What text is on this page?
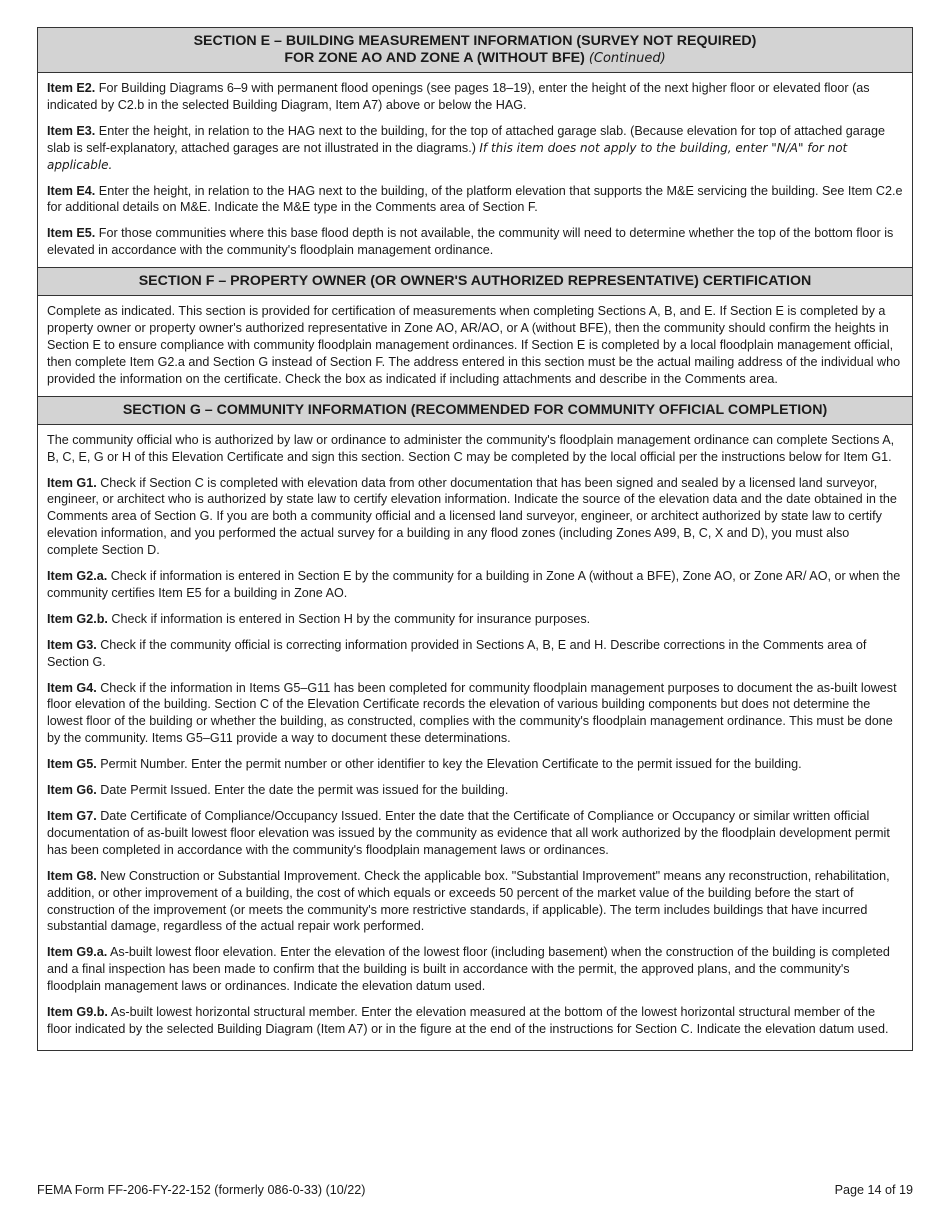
SECTION E – BUILDING MEASUREMENT INFORMATION (SURVEY NOT REQUIRED)
FOR ZONE AO AND ZONE A (WITHOUT BFE) (Continued)

Item E2. For Building Diagrams 6–9 with permanent flood openings (see pages 18–19), enter the height of the next higher floor or elevated floor (as indicated by C2.b in the selected Building Diagram, Item A7) above or below the HAG.

Item E3. Enter the height, in relation to the HAG next to the building, for the top of attached garage slab. (Because elevation for top of attached garage slab is self-explanatory, attached garages are not illustrated in the diagrams.) If this item does not apply to the building, enter "N/A" for not applicable.

Item E4. Enter the height, in relation to the HAG next to the building, of the platform elevation that supports the M&E servicing the building. See Item C2.e for additional details on M&E. Indicate the M&E type in the Comments area of Section F.

Item E5. For those communities where this base flood depth is not available, the community will need to determine whether the top of the bottom floor is elevated in accordance with the community's floodplain management ordinance.

SECTION F – PROPERTY OWNER (OR OWNER'S AUTHORIZED REPRESENTATIVE) CERTIFICATION

Complete as indicated. This section is provided for certification of measurements when completing Sections A, B, and E. If Section E is completed by a property owner or property owner's authorized representative in Zone AO, AR/AO, or A (without BFE), then the community should confirm the heights in Section E to ensure compliance with community floodplain management ordinances. If Section E is completed by a local floodplain management official, then complete Item G2.a and Section G instead of Section F. The address entered in this section must be the actual mailing address of the individual who provided the information on the certificate. Check the box as indicated if including attachments and describe in the Comments area.

SECTION G – COMMUNITY INFORMATION (RECOMMENDED FOR COMMUNITY OFFICIAL COMPLETION)

The community official who is authorized by law or ordinance to administer the community's floodplain management ordinance can complete Sections A, B, C, E, G or H of this Elevation Certificate and sign this section. Section C may be completed by the local official per the instructions below for Item G1.

Item G1. Check if Section C is completed with elevation data from other documentation that has been signed and sealed by a licensed land surveyor, engineer, or architect who is authorized by state law to certify elevation information. Indicate the source of the elevation data and the date obtained in the Comments area of Section G. If you are both a community official and a licensed land surveyor, engineer, or architect authorized by state law to certify elevation information, and you performed the actual survey for a building in any flood zones (including Zones A99, B, C, X and D), you must also complete Section D.

Item G2.a. Check if information is entered in Section E by the community for a building in Zone A (without a BFE), Zone AO, or Zone AR/ AO, or when the community certifies Item E5 for a building in Zone AO.

Item G2.b. Check if information is entered in Section H by the community for insurance purposes.

Item G3. Check if the community official is correcting information provided in Sections A, B, E and H. Describe corrections in the Comments area of Section G.

Item G4. Check if the information in Items G5–G11 has been completed for community floodplain management purposes to document the as-built lowest floor elevation of the building. Section C of the Elevation Certificate records the elevation of various building components but does not determine the lowest floor of the building or whether the building, as constructed, complies with the community's floodplain management ordinance. This must be done by the community. Items G5–G11 provide a way to document these determinations.

Item G5. Permit Number. Enter the permit number or other identifier to key the Elevation Certificate to the permit issued for the building.

Item G6. Date Permit Issued. Enter the date the permit was issued for the building.

Item G7. Date Certificate of Compliance/Occupancy Issued. Enter the date that the Certificate of Compliance or Occupancy or similar written official documentation of as-built lowest floor elevation was issued by the community as evidence that all work authorized by the floodplain development permit has been completed in accordance with the community's floodplain management laws or ordinances.

Item G8. New Construction or Substantial Improvement. Check the applicable box. "Substantial Improvement" means any reconstruction, rehabilitation, addition, or other improvement of a building, the cost of which equals or exceeds 50 percent of the market value of the building before the start of construction of the improvement (or meets the community's more restrictive standards, if applicable). The term includes buildings that have incurred substantial damage, regardless of the actual repair work performed.

Item G9.a. As-built lowest floor elevation. Enter the elevation of the lowest floor (including basement) when the construction of the building is completed and a final inspection has been made to confirm that the building is built in accordance with the permit, the approved plans, and the community's floodplain management laws or ordinances. Indicate the elevation datum used.

Item G9.b. As-built lowest horizontal structural member. Enter the elevation measured at the bottom of the lowest horizontal structural member of the floor indicated by the selected Building Diagram (Item A7) or in the figure at the end of the instructions for Section C. Indicate the elevation datum used.

FEMA Form FF-206-FY-22-152 (formerly 086-0-33) (10/22)	Page 14 of 19
